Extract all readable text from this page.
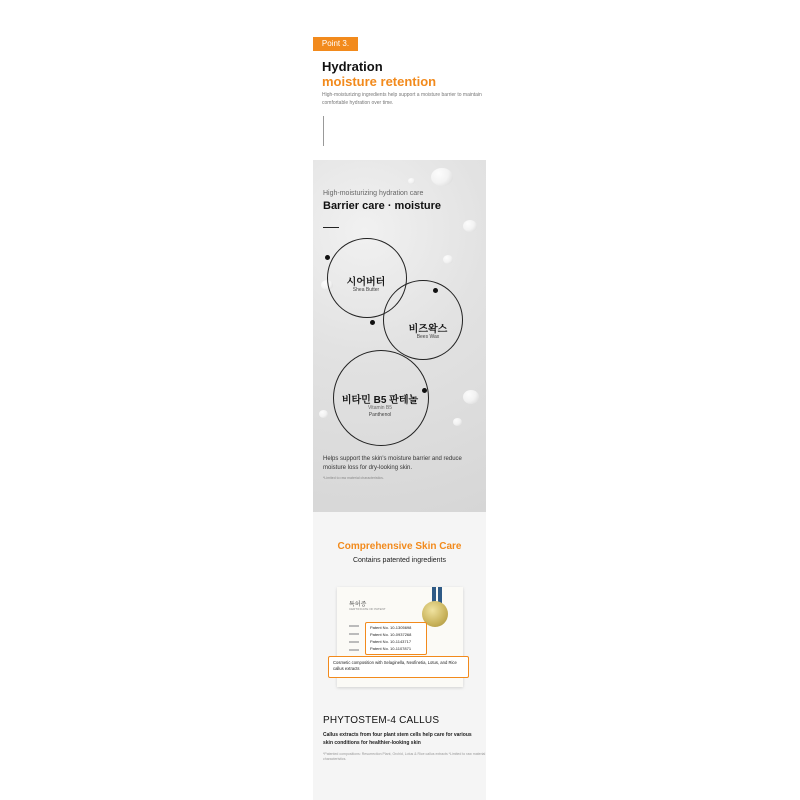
Point 3.
Hydration
moisture retention
High-moisturizing ingredients help support a moisture barrier to maintain comfortable hydration over time.
High-moisturizing hydration care
Barrier care · moisture
시어버터
Shea Butter
비즈왁스
Bees Wax
비타민 B5 판테놀
Vitamin B5
Panthenol
Helps support the skin's moisture barrier and reduce moisture loss for dry-looking skin.
*Limited to raw material characteristics.
Comprehensive Skin Care
Contains patented ingredients
특허증
CERTIFICATE OF PATENT
Patent No. 10-1305698
Patent No. 10-0937268
Patent No. 10-1143717
Patent No. 10-1107871
Cosmetic composition with Selaginella, Neofinetia, Lotus, and Rice callus extracts
PHYTOSTEM-4 CALLUS
Callus extracts from four plant stem cells help care for various skin conditions for healthier-looking skin
*Patented compositions: Resurrection Plant, Orchid, Lotus & Rice callus extracts *Limited to raw material characteristics.
